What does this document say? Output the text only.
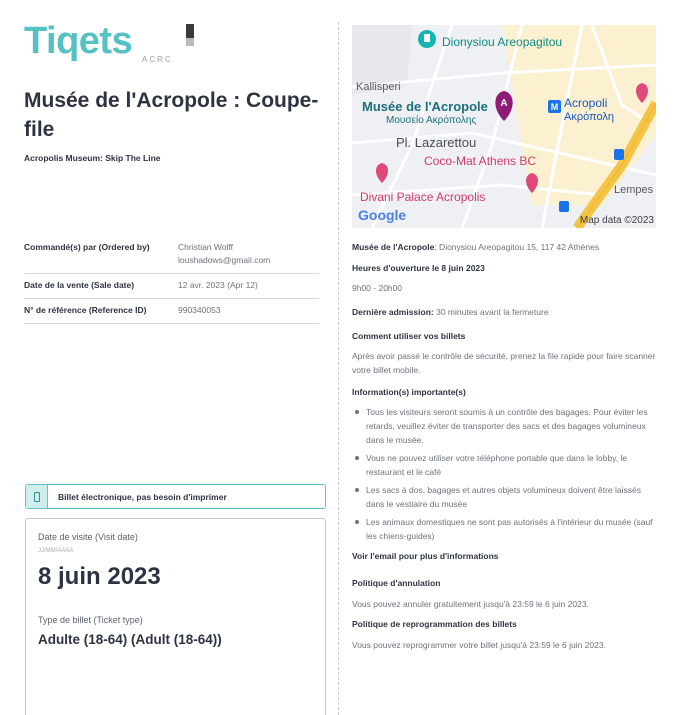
Tiqets ACRC
Musée de l'Acropole : Coupe-file
Acropolis Museum: Skip The Line
Commandé(s) par (Ordered by)	Christian Wolff
loushadows@gmail.com
Date de la vente (Sale date)	12 avr. 2023 (Apr 12)
N° de référence (Reference ID)	990340053
Billet électronique, pas besoin d'imprimer
Date de visite (Visit date)
JJ/MM/AAAA
8 juin 2023
Type de billet (Ticket type)
Adulte (18-64) (Adult (18-64))
Dionysiou Areopagitou
Kallisperi
Musée de l'Acropole
Μουσείο Ακρόπολης
A	M Acropoli
Ακρόπολη
Pl. Lazarettou
Coco-Mat Athens BC
Divani Palace Acropolis	Lempes
Google	Map data ©2023
Musée de l'Acropole: Dionysiou Areopagitou 15, 117 42 Athènes
Heures d'ouverture le 8 juin 2023
9h00 - 20h00
Dernière admission: 30 minutes avant la fermeture
Comment utiliser vos billets
Après avoir passé le contrôle de sécurité, prenez la file rapide pour faire scanner votre billet mobile.
Information(s) importante(s)
Tous les visiteurs seront soumis à un contrôle des bagages. Pour éviter les retards, veuillez éviter de transporter des sacs et des bagages volumineux dans le musée.
Vous ne pouvez utiliser votre téléphone portable que dans le lobby, le restaurant et le café
Les sacs à dos, bagages et autres objets volumineux doivent être laissés dans le vestiaire du musée
Les animaux domestiques ne sont pas autorisés à l'intérieur du musée (sauf les chiens-guides)
Voir l'email pour plus d'informations
Politique d'annulation
Vous pouvez annuler gratuitement jusqu'à 23:59 le 6 juin 2023.
Politique de reprogrammation des billets
Vous pouvez reprogrammer votre billet jusqu'à 23:59 le 6 juin 2023.
